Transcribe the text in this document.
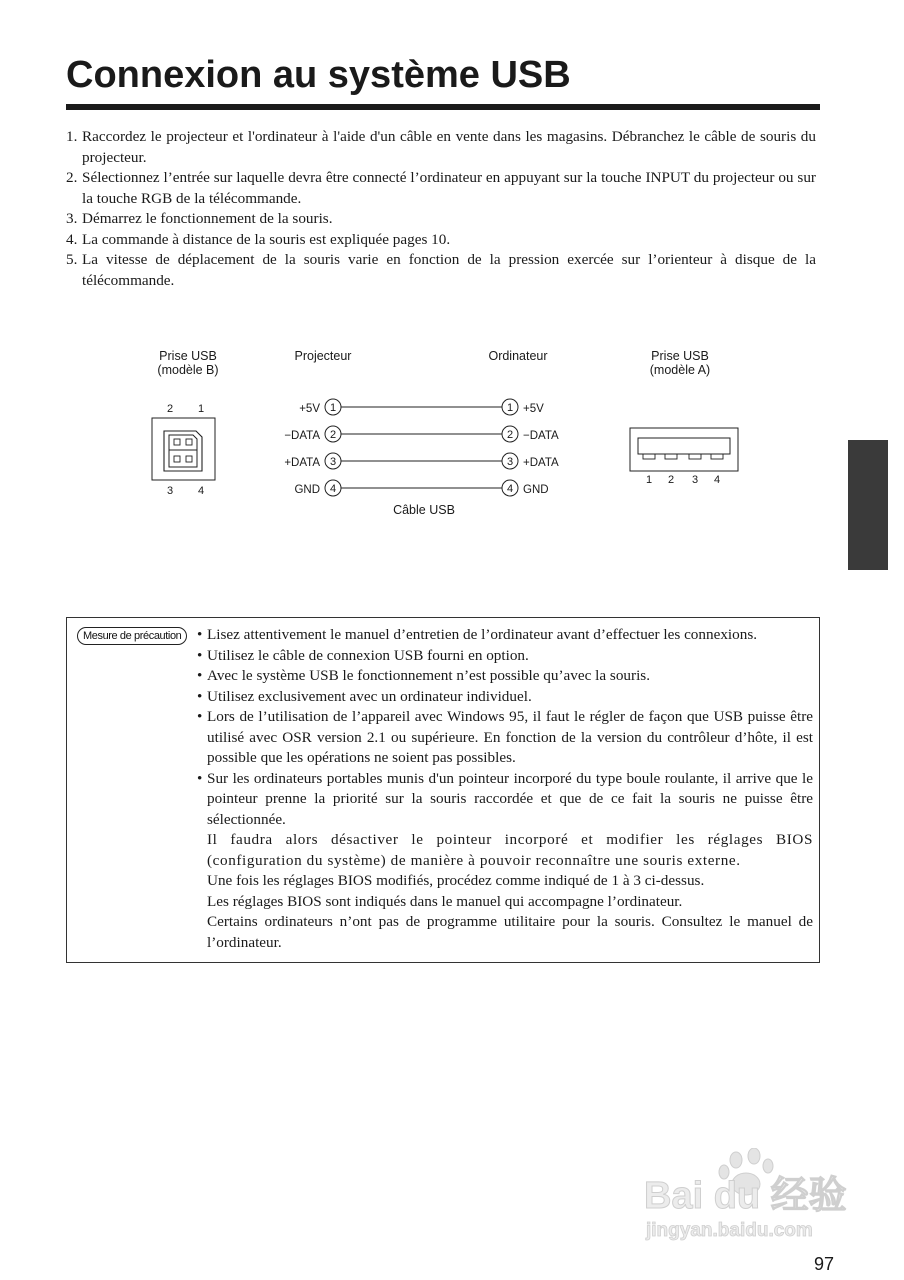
Connexion au système USB
1. Raccordez le projecteur et l'ordinateur à l'aide d'un câble en vente dans les magasins. Débranchez le câble de souris du projecteur.
2. Sélectionnez l’entrée sur laquelle devra être connecté l’ordinateur en appuyant sur la touche INPUT du projecteur ou sur la touche RGB de la télécommande.
3. Démarrez le fonctionnement de la souris.
4. La commande à distance de la souris est expliquée pages 10.
5. La vitesse de déplacement de la souris varie en fonction de la pression exercée sur l’orienteur à disque de la télécommande.
Prise USB
(modèle B)
Projecteur	Ordinateur	Prise USB
(modèle A)
2 1
3 4
+5V 1	1 +5V
−DATA 2	2 −DATA
+DATA 3	3 +DATA
GND 4	4 GND
Câble USB
1 2 3 4
Mesure de précaution	• Lisez attentivement le manuel d’entretien de l’ordinateur avant d’effectuer les connexions.
• Utilisez le câble de connexion USB fourni en option.
• Avec le système USB le fonctionnement n’est possible qu’avec la souris.
• Utilisez exclusivement avec un ordinateur individuel.
• Lors de l’utilisation de l’appareil avec Windows 95, il faut le régler de façon que USB puisse être utilisé avec OSR version 2.1 ou supérieure. En fonction de la version du contrôleur d’hôte, il est possible que les opérations ne soient pas possibles.
• Sur les ordinateurs portables munis d'un pointeur incorporé du type boule roulante, il arrive que le pointeur prenne la priorité sur la souris raccordée et que de ce fait la souris ne puisse être sélectionnée.
Il faudra alors désactiver le pointeur incorporé et modifier les réglages BIOS (configuration du système) de manière à pouvoir reconnaître une souris externe.
Une fois les réglages BIOS modifiés, procédez comme indiqué de 1 à 3 ci-dessus.
Les réglages BIOS sont indiqués dans le manuel qui accompagne l’ordinateur.
Certains ordinateurs n’ont pas de programme utilitaire pour la souris. Consultez le manuel de l’ordinateur.
Bai du 经验
jingyan.baidu.com
97
